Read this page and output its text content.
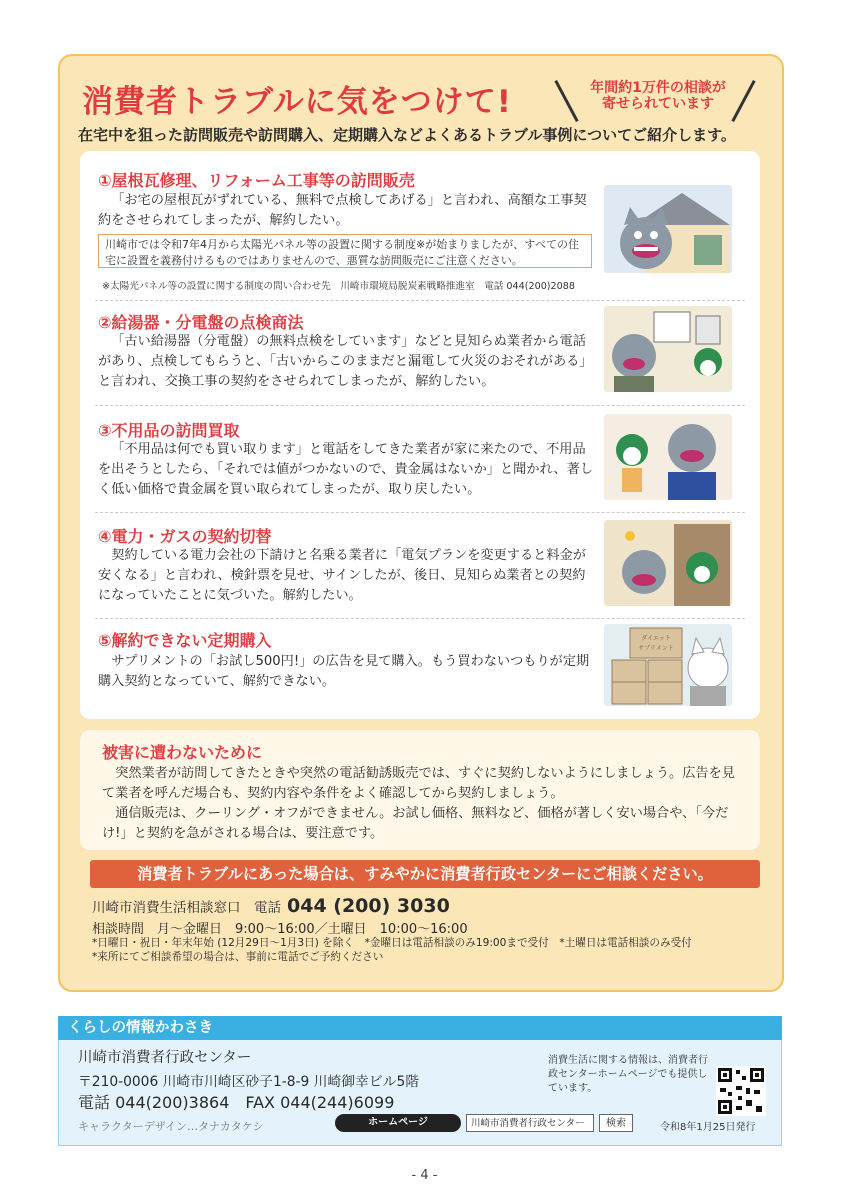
消費者トラブルに気をつけて!	年間約1万件の相談が
寄せられています
在宅中を狙った訪問販売や訪問購入、定期購入などよくあるトラブル事例についてご紹介します。
①屋根瓦修理、リフォーム工事等の訪問販売
「お宅の屋根瓦がずれている、無料で点検してあげる」と言われ、高額な工事契約をさせられてしまったが、解約したい。
川崎市では令和7年4月から太陽光パネル等の設置に関する制度※が始まりましたが、すべての住宅に設置を義務付けるものではありませんので、悪質な訪問販売にご注意ください。
※太陽光パネル等の設置に関する制度の問い合わせ先　川崎市環境局脱炭素戦略推進室　電話 044(200)2088
②給湯器・分電盤の点検商法
「古い給湯器（分電盤）の無料点検をしています」などと見知らぬ業者から電話があり、点検してもらうと、「古いからこのままだと漏電して火災のおそれがある」と言われ、交換工事の契約をさせられてしまったが、解約したい。
③不用品の訪問買取
「不用品は何でも買い取ります」と電話をしてきた業者が家に来たので、不用品を出そうとしたら、「それでは値がつかないので、貴金属はないか」と聞かれ、著しく低い価格で貴金属を買い取られてしまったが、取り戻したい。
④電力・ガスの契約切替
契約している電力会社の下請けと名乗る業者に「電気プランを変更すると料金が安くなる」と言われ、検針票を見せ、サインしたが、後日、見知らぬ業者との契約になっていたことに気づいた。解約したい。
⑤解約できない定期購入
サプリメントの「お試し500円!」の広告を見て購入。もう買わないつもりが定期購入契約となっていて、解約できない。
ダイエット
サプリメント
被害に遭わないために
突然業者が訪問してきたときや突然の電話勧誘販売では、すぐに契約しないようにしましょう。広告を見て業者を呼んだ場合も、契約内容や条件をよく確認してから契約しましょう。
通信販売は、クーリング・オフができません。お試し価格、無料など、価格が著しく安い場合や、「今だけ!」と契約を急がされる場合は、要注意です。
消費者トラブルにあった場合は、すみやかに消費者行政センターにご相談ください。
川崎市消費生活相談窓口　電話 044 (200) 3030
相談時間　月～金曜日　9:00～16:00／土曜日　10:00～16:00
*日曜日・祝日・年末年始 (12月29日～1月3日) を除く　*金曜日は電話相談のみ19:00まで受付　*土曜日は電話相談のみ受付
*来所にてご相談希望の場合は、事前に電話でご予約ください
くらしの情報かわさき
川崎市消費者行政センター
〒210-0006 川崎市川崎区砂子1-8-9 川崎御幸ビル5階
電話 044(200)3864　FAX 044(244)6099
キャラクターデザイン…タナカタケシ
消費生活に関する情報は、消費者行政センターホームページでも提供しています。
ホームページ	川崎市消費者行政センター	検索	令和8年1月25日発行
- 4 -
